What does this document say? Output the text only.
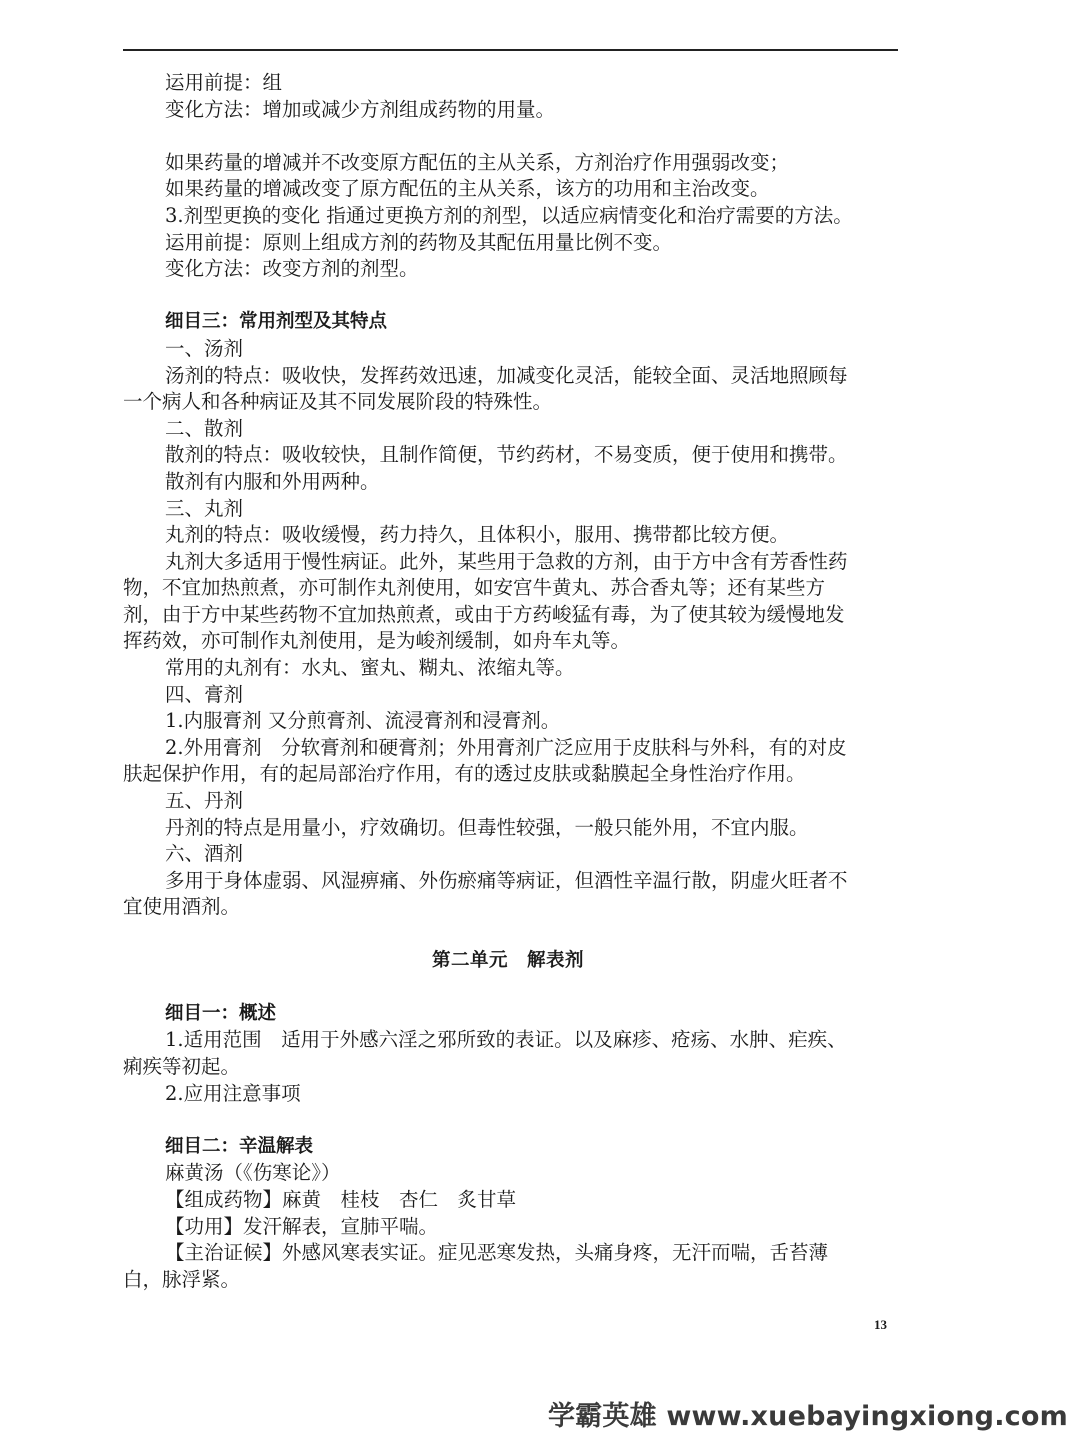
运用前提：组
变化方法：增加或减少方剂组成药物的用量。
如果药量的增减并不改变原方配伍的主从关系，方剂治疗作用强弱改变；
如果药量的增减改变了原方配伍的主从关系，该方的功用和主治改变。
3.剂型更换的变化 指通过更换方剂的剂型，以适应病情变化和治疗需要的方法。
运用前提：原则上组成方剂的药物及其配伍用量比例不变。
变化方法：改变方剂的剂型。
细目三：常用剂型及其特点
一、汤剂
汤剂的特点：吸收快，发挥药效迅速，加减变化灵活，能较全面、灵活地照顾每
一个病人和各种病证及其不同发展阶段的特殊性。
二、散剂
散剂的特点：吸收较快，且制作简便，节约药材，不易变质，便于使用和携带。
散剂有内服和外用两种。
三、丸剂
丸剂的特点：吸收缓慢，药力持久，且体积小，服用、携带都比较方便。
丸剂大多适用于慢性病证。此外，某些用于急救的方剂，由于方中含有芳香性药
物，不宜加热煎煮，亦可制作丸剂使用，如安宫牛黄丸、苏合香丸等；还有某些方
剂，由于方中某些药物不宜加热煎煮，或由于方药峻猛有毒，为了使其较为缓慢地发
挥药效，亦可制作丸剂使用，是为峻剂缓制，如舟车丸等。
常用的丸剂有：水丸、蜜丸、糊丸、浓缩丸等。
四、膏剂
1.内服膏剂 又分煎膏剂、流浸膏剂和浸膏剂。
2.外用膏剂　分软膏剂和硬膏剂；外用膏剂广泛应用于皮肤科与外科，有的对皮
肤起保护作用，有的起局部治疗作用，有的透过皮肤或黏膜起全身性治疗作用。
五、丹剂
丹剂的特点是用量小，疗效确切。但毒性较强，一般只能外用，不宜内服。
六、酒剂
多用于身体虚弱、风湿痹痛、外伤瘀痛等病证，但酒性辛温行散，阴虚火旺者不
宜使用酒剂。
第二单元　解表剂
细目一：概述
1.适用范围　适用于外感六淫之邪所致的表证。以及麻疹、疮疡、水肿、疟疾、
痢疾等初起。
2.应用注意事项
细目二：辛温解表
麻黄汤（《伤寒论》）
【组成药物】麻黄　桂枝　杏仁　炙甘草
【功用】发汗解表，宣肺平喘。
【主治证候】外感风寒表实证。症见恶寒发热，头痛身疼，无汗而喘，舌苔薄
白，脉浮紧。
13
学霸英雄 www.xuebayingxiong.com
